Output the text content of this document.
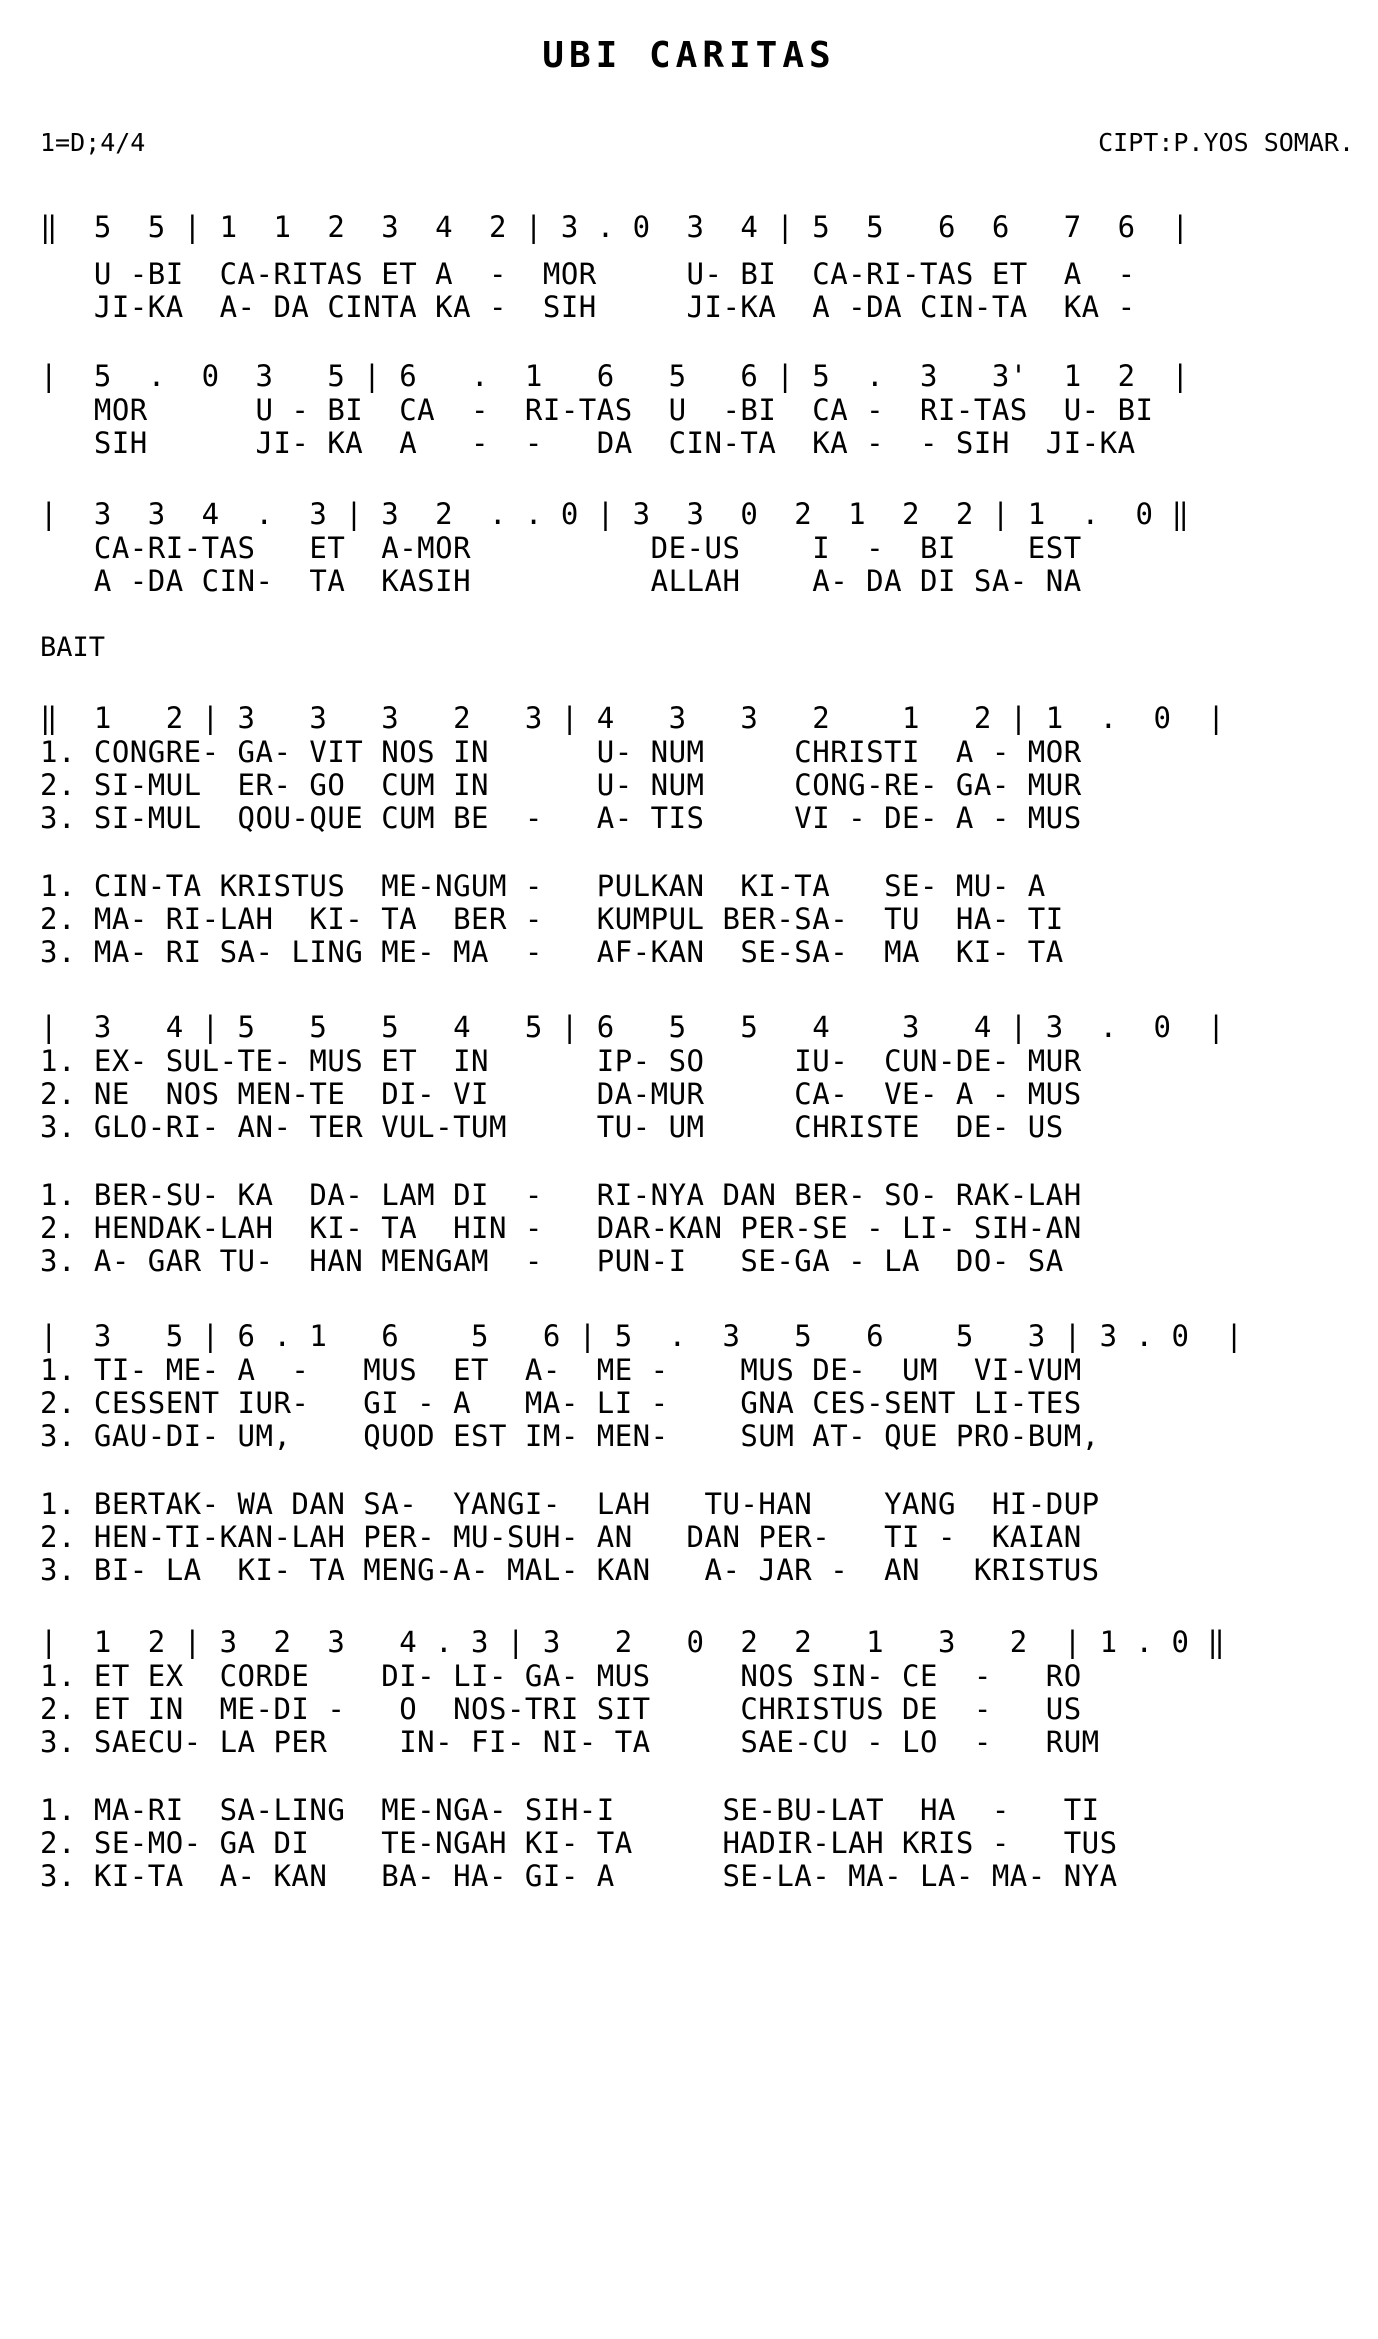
UBI CARITAS
1=D;4/4	CIPT:P.YOS SOMAR.
‖  5  5 | 1  1  2  3  4  2 | 3 . 0  3  4 | 5  5   6  6   7  6  |
U -BI  CA-RITAS ET A  -  MOR     U- BI  CA-RI-TAS ET  A  -
JI-KA  A- DA CINTA KA -  SIH     JI-KA  A -DA CIN-TA  KA -
|  5  .  0  3   5 | 6   .  1   6   5   6 | 5  .  3   3'  1  2  |
MOR      U - BI  CA  -  RI-TAS  U  -BI  CA -  RI-TAS  U- BI
SIH      JI- KA  A   -  -   DA  CIN-TA  KA -  - SIH  JI-KA
|  3  3  4  .  3 | 3  2  . . 0 | 3  3  0  2  1  2  2 | 1  .  0 ‖
CA-RI-TAS   ET  A-MOR          DE-US    I  -  BI    EST
A -DA CIN-  TA  KASIH          ALLAH    A- DA DI SA- NA
BAIT
‖  1   2 | 3   3   3   2   3 | 4   3   3   2    1   2 | 1  .  0  |
1. CONGRE- GA- VIT NOS IN      U- NUM     CHRISTI  A - MOR
2. SI-MUL  ER- GO  CUM IN      U- NUM     CONG-RE- GA- MUR
3. SI-MUL  QOU-QUE CUM BE  -   A- TIS     VI - DE- A - MUS
1. CIN-TA KRISTUS  ME-NGUM -   PULKAN  KI-TA   SE- MU- A
2. MA- RI-LAH  KI- TA  BER -   KUMPUL BER-SA-  TU  HA- TI
3. MA- RI SA- LING ME- MA  -   AF-KAN  SE-SA-  MA  KI- TA
|  3   4 | 5   5   5   4   5 | 6   5   5   4    3   4 | 3  .  0  |
1. EX- SUL-TE- MUS ET  IN      IP- SO     IU-  CUN-DE- MUR
2. NE  NOS MEN-TE  DI- VI      DA-MUR     CA-  VE- A - MUS
3. GLO-RI- AN- TER VUL-TUM     TU- UM     CHRISTE  DE- US
1. BER-SU- KA  DA- LAM DI  -   RI-NYA DAN BER- SO- RAK-LAH
2. HENDAK-LAH  KI- TA  HIN -   DAR-KAN PER-SE - LI- SIH-AN
3. A- GAR TU-  HAN MENGAM  -   PUN-I   SE-GA - LA  DO- SA
|  3   5 | 6 . 1   6    5   6 | 5  .  3   5   6    5   3 | 3 . 0  |
1. TI- ME- A  -   MUS  ET  A-  ME -    MUS DE-  UM  VI-VUM
2. CESSENT IUR-   GI - A   MA- LI -    GNA CES-SENT LI-TES
3. GAU-DI- UM,    QUOD EST IM- MEN-    SUM AT- QUE PRO-BUM,
1. BERTAK- WA DAN SA-  YANGI-  LAH   TU-HAN    YANG  HI-DUP
2. HEN-TI-KAN-LAH PER- MU-SUH- AN   DAN PER-   TI -  KAIAN
3. BI- LA  KI- TA MENG-A- MAL- KAN   A- JAR -  AN   KRISTUS
|  1  2 | 3  2  3   4 . 3 | 3   2   0  2  2   1   3   2  | 1 . 0 ‖
1. ET EX  CORDE    DI- LI- GA- MUS     NOS SIN- CE  -   RO
2. ET IN  ME-DI -   O  NOS-TRI SIT     CHRISTUS DE  -   US
3. SAECU- LA PER    IN- FI- NI- TA     SAE-CU - LO  -   RUM
1. MA-RI  SA-LING  ME-NGA- SIH-I      SE-BU-LAT  HA  -   TI
2. SE-MO- GA DI    TE-NGAH KI- TA     HADIR-LAH KRIS -   TUS
3. KI-TA  A- KAN   BA- HA- GI- A      SE-LA- MA- LA- MA- NYA
